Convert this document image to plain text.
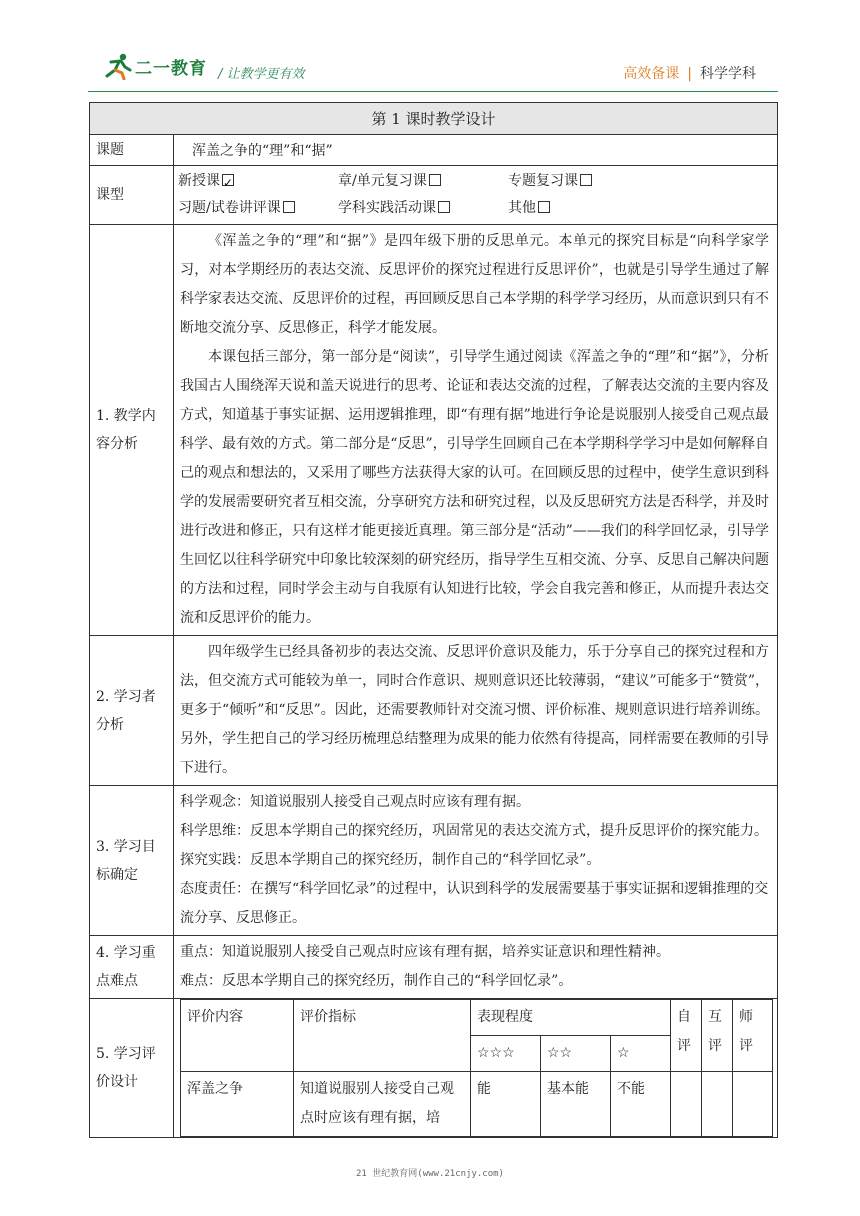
二一教育 / 让教学更有效	高效备课 | 科学学科
第 1 课时教学设计
课题	浑盖之争的“理”和“据”
课型	
新授课✓	章/单元复习课	专题复习课
习题/试卷讲评课	学科实践活动课	其他

1. 教学内容分析	

《浑盖之争的“理”和“据”》是四年级下册的反思单元。本单元的探究目标是“向科学家学习，对本学期经历的表达交流、反思评价的探究过程进行反思评价”，也就是引导学生通过了解科学家表达交流、反思评价的过程，再回顾反思自己本学期的科学学习经历，从而意识到只有不断地交流分享、反思修正，科学才能发展。

本课包括三部分，第一部分是“阅读”，引导学生通过阅读《浑盖之争的“理”和“据”》，分析我国古人围绕浑天说和盖天说进行的思考、论证和表达交流的过程，了解表达交流的主要内容及方式，知道基于事实证据、运用逻辑推理，即“有理有据”地进行争论是说服别人接受自己观点最科学、最有效的方式。第二部分是“反思”，引导学生回顾自己在本学期科学学习中是如何解释自己的观点和想法的，又采用了哪些方法获得大家的认可。在回顾反思的过程中，使学生意识到科学的发展需要研究者互相交流，分享研究方法和研究过程，以及反思研究方法是否科学，并及时进行改进和修正，只有这样才能更接近真理。第三部分是“活动”——我们的科学回忆录，引导学生回忆以往科学研究中印象比较深刻的研究经历，指导学生互相交流、分享、反思自己解决问题的方法和过程，同时学会主动与自我原有认知进行比较，学会自我完善和修正，从而提升表达交流和反思评价的能力。

2. 学习者分析	

四年级学生已经具备初步的表达交流、反思评价意识及能力，乐于分享自己的探究过程和方法，但交流方式可能较为单一，同时合作意识、规则意识还比较薄弱，“建议”可能多于“赞赏”，更多于“倾听”和“反思”。因此，还需要教师针对交流习惯、评价标准、规则意识进行培养训练。另外，学生把自己的学习经历梳理总结整理为成果的能力依然有待提高，同样需要在教师的引导下进行。

3. 学习目标确定	

科学观念：知道说服别人接受自己观点时应该有理有据。

科学思维：反思本学期自己的探究经历，巩固常见的表达交流方式，提升反思评价的探究能力。

探究实践：反思本学期自己的探究经历，制作自己的“科学回忆录”。

态度责任：在撰写“科学回忆录”的过程中，认识到科学的发展需要基于事实证据和逻辑推理的交流分享、反思修正。

4. 学习重点难点	

重点：知道说服别人接受自己观点时应该有理有据，培养实证意识和理性精神。

难点：反思本学期自己的探究经历，制作自己的“科学回忆录”。

5. 学习评价设计	
评价内容	评价指标	表现程度	自评	互评	师评
☆☆☆	☆☆	☆
浑盖之争	知道说服别人接受自己观点时应该有理有据，培	能	基本能	不能			
21 世纪教育网(www.21cnjy.com)
